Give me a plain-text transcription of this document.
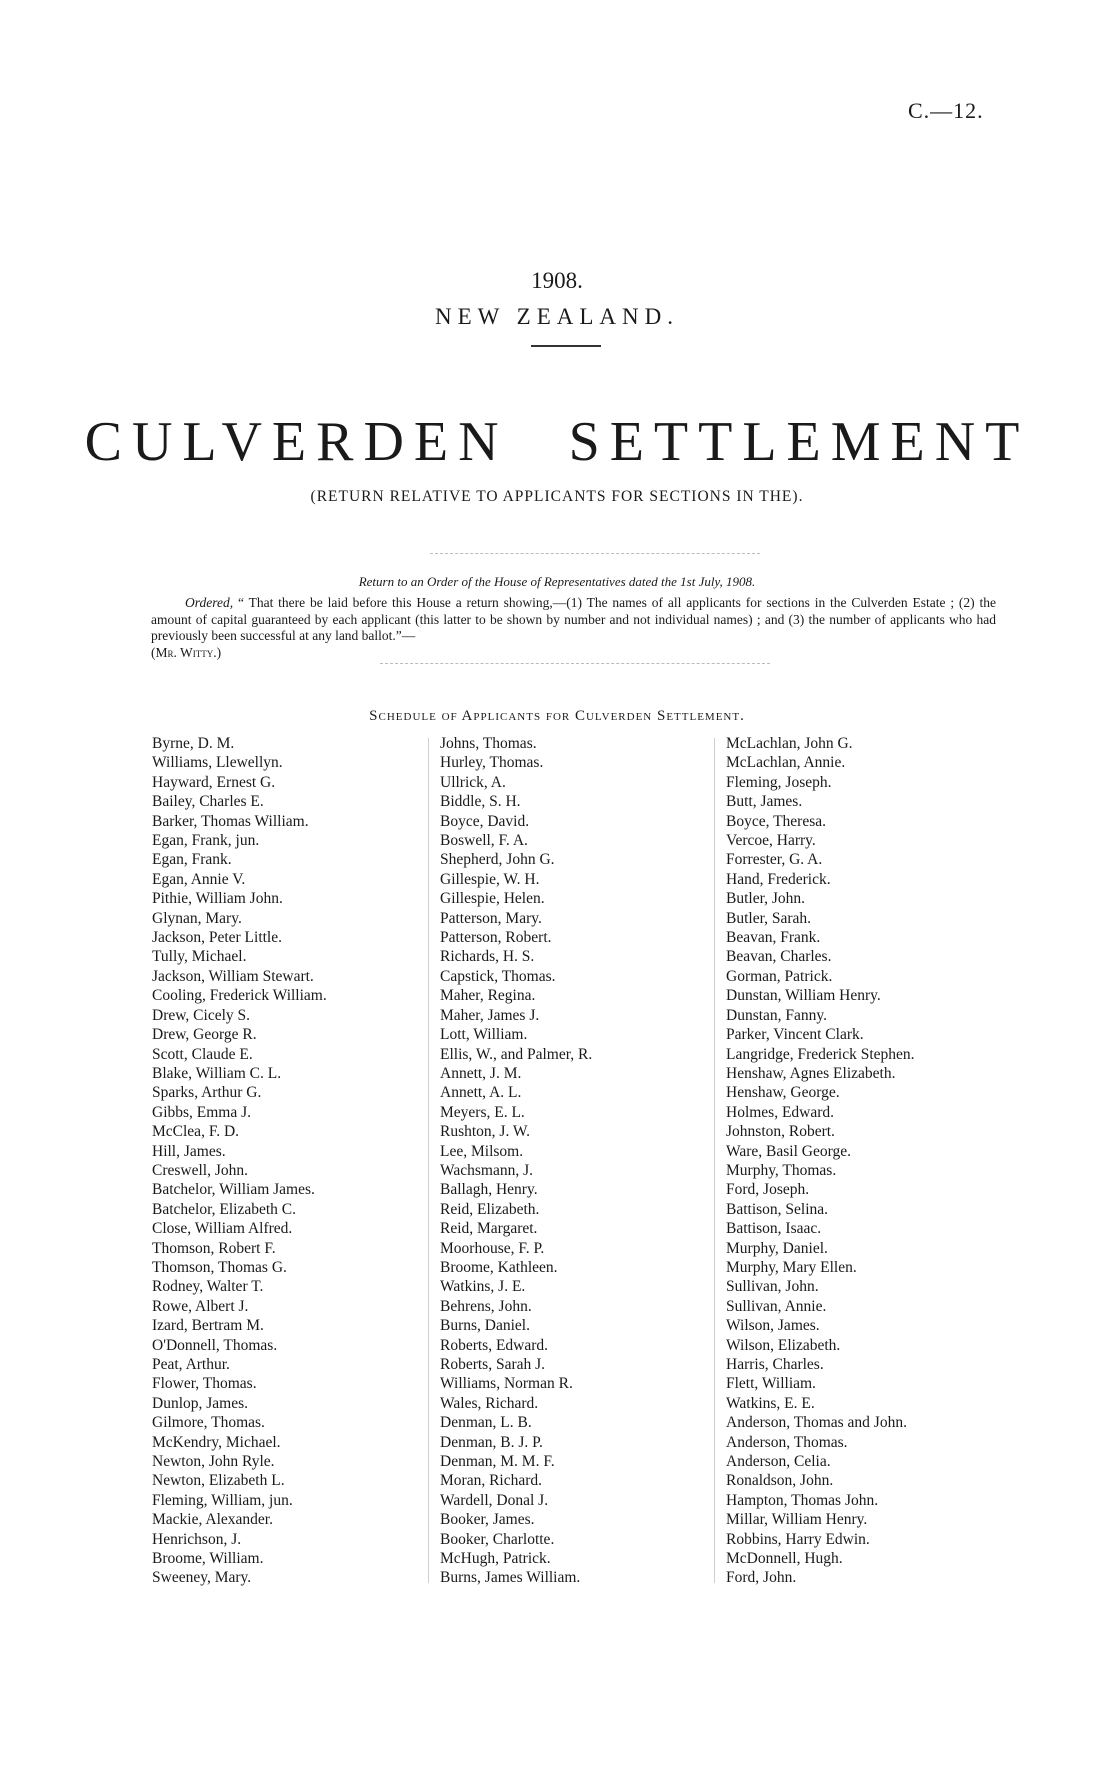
C.—12.
1908.
NEW ZEALAND.
CULVERDEN SETTLEMENT
(RETURN RELATIVE TO APPLICANTS FOR SECTIONS IN THE).
Return to an Order of the House of Representatives dated the 1st July, 1908.
Ordered, “ That there be laid before this House a return showing,—(1) The names of all applicants for sections in the Culverden Estate ; (2) the amount of capital guaranteed by each applicant (this latter to be shown by number and not individual names) ; and (3) the number of applicants who had previously been successful at any land ballot.”—
(Mr. Witty.)
Schedule of Applicants for Culverden Settlement.
Byrne, D. M.
Williams, Llewellyn.
Hayward, Ernest G.
Bailey, Charles E.
Barker, Thomas William.
Egan, Frank, jun.
Egan, Frank.
Egan, Annie V.
Pithie, William John.
Glynan, Mary.
Jackson, Peter Little.
Tully, Michael.
Jackson, William Stewart.
Cooling, Frederick William.
Drew, Cicely S.
Drew, George R.
Scott, Claude E.
Blake, William C. L.
Sparks, Arthur G.
Gibbs, Emma J.
McClea, F. D.
Hill, James.
Creswell, John.
Batchelor, William James.
Batchelor, Elizabeth C.
Close, William Alfred.
Thomson, Robert F.
Thomson, Thomas G.
Rodney, Walter T.
Rowe, Albert J.
Izard, Bertram M.
O'Donnell, Thomas.
Peat, Arthur.
Flower, Thomas.
Dunlop, James.
Gilmore, Thomas.
McKendry, Michael.
Newton, John Ryle.
Newton, Elizabeth L.
Fleming, William, jun.
Mackie, Alexander.
Henrichson, J.
Broome, William.
Sweeney, Mary.
Johns, Thomas.
Hurley, Thomas.
Ullrick, A.
Biddle, S. H.
Boyce, David.
Boswell, F. A.
Shepherd, John G.
Gillespie, W. H.
Gillespie, Helen.
Patterson, Mary.
Patterson, Robert.
Richards, H. S.
Capstick, Thomas.
Maher, Regina.
Maher, James J.
Lott, William.
Ellis, W., and Palmer, R.
Annett, J. M.
Annett, A. L.
Meyers, E. L.
Rushton, J. W.
Lee, Milsom.
Wachsmann, J.
Ballagh, Henry.
Reid, Elizabeth.
Reid, Margaret.
Moorhouse, F. P.
Broome, Kathleen.
Watkins, J. E.
Behrens, John.
Burns, Daniel.
Roberts, Edward.
Roberts, Sarah J.
Williams, Norman R.
Wales, Richard.
Denman, L. B.
Denman, B. J. P.
Denman, M. M. F.
Moran, Richard.
Wardell, Donal J.
Booker, James.
Booker, Charlotte.
McHugh, Patrick.
Burns, James William.
McLachlan, John G.
McLachlan, Annie.
Fleming, Joseph.
Butt, James.
Boyce, Theresa.
Vercoe, Harry.
Forrester, G. A.
Hand, Frederick.
Butler, John.
Butler, Sarah.
Beavan, Frank.
Beavan, Charles.
Gorman, Patrick.
Dunstan, William Henry.
Dunstan, Fanny.
Parker, Vincent Clark.
Langridge, Frederick Stephen.
Henshaw, Agnes Elizabeth.
Henshaw, George.
Holmes, Edward.
Johnston, Robert.
Ware, Basil George.
Murphy, Thomas.
Ford, Joseph.
Battison, Selina.
Battison, Isaac.
Murphy, Daniel.
Murphy, Mary Ellen.
Sullivan, John.
Sullivan, Annie.
Wilson, James.
Wilson, Elizabeth.
Harris, Charles.
Flett, William.
Watkins, E. E.
Anderson, Thomas and John.
Anderson, Thomas.
Anderson, Celia.
Ronaldson, John.
Hampton, Thomas John.
Millar, William Henry.
Robbins, Harry Edwin.
McDonnell, Hugh.
Ford, John.
